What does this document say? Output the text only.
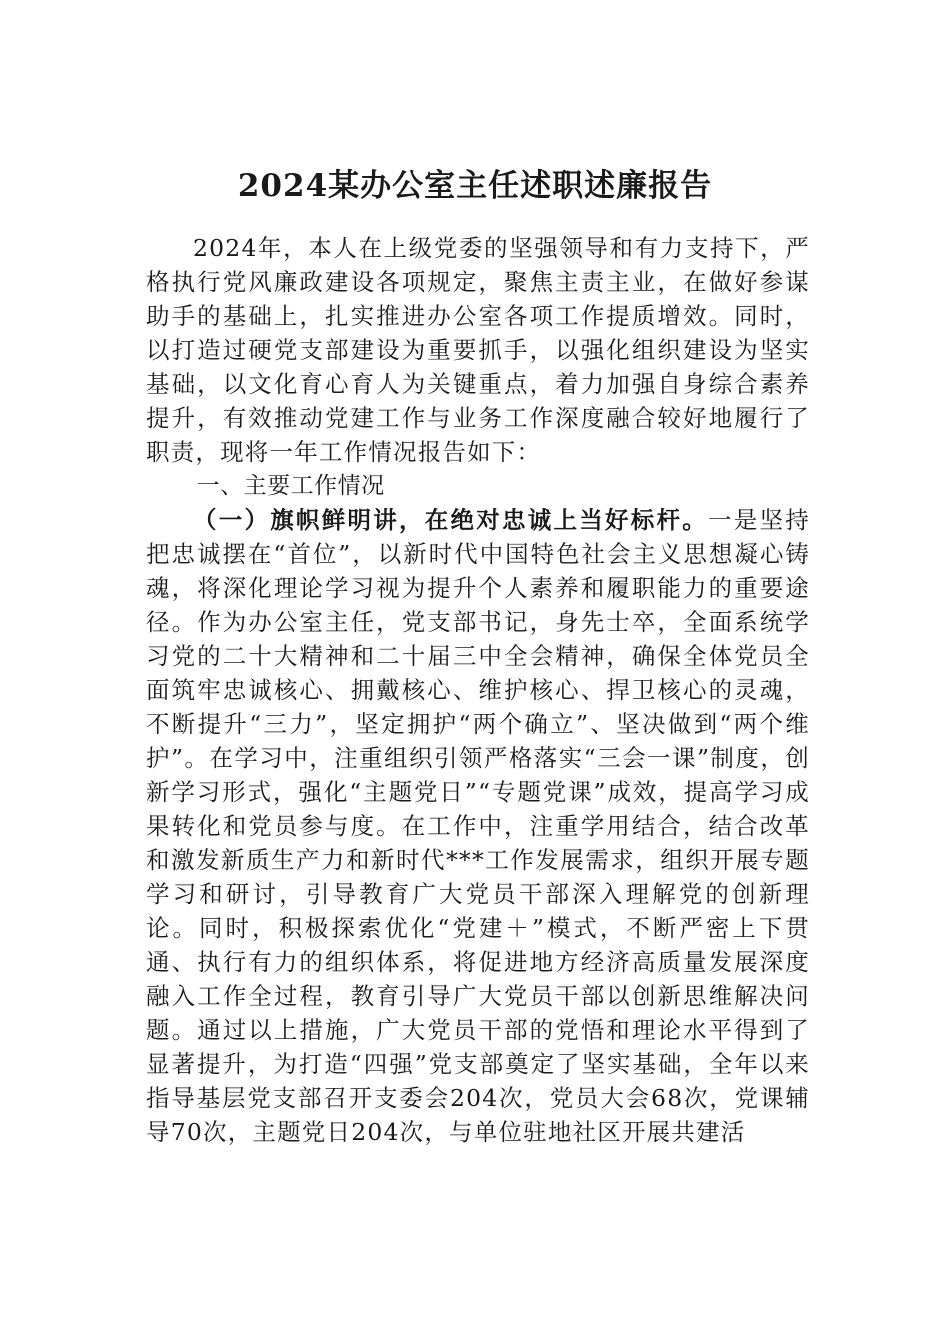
2024某办公室主任述职述廉报告

2024年，本人在上级党委的坚强领导和有力支持下，严格执行党风廉政建设各项规定，聚焦主责主业，在做好参谋助手的基础上，扎实推进办公室各项工作提质增效。同时，以打造过硬党支部建设为重要抓手，以强化组织建设为坚实基础，以文化育心育人为关键重点，着力加强自身综合素养提升，有效推动党建工作与业务工作深度融合较好地履行了职责，现将一年工作情况报告如下：

一、主要工作情况

（一）旗帜鲜明讲，在绝对忠诚上当好标杆。一是坚持把忠诚摆在“首位”，以新时代中国特色社会主义思想凝心铸魂，将深化理论学习视为提升个人素养和履职能力的重要途径。作为办公室主任，党支部书记，身先士卒，全面系统学习党的二十大精神和二十届三中全会精神，确保全体党员全面筑牢忠诚核心、拥戴核心、维护核心、捍卫核心的灵魂，不断提升“三力”，坚定拥护“两个确立”、坚决做到“两个维护”。在学习中，注重组织引领严格落实“三会一课”制度，创新学习形式，强化“主题党日”“专题党课”成效，提高学习成果转化和党员参与度。在工作中，注重学用结合，结合改革和激发新质生产力和新时代***工作发展需求，组织开展专题学习和研讨，引导教育广大党员干部深入理解党的创新理论。同时，积极探索优化“党建＋”模式，不断严密上下贯通、执行有力的组织体系，将促进地方经济高质量发展深度融入工作全过程，教育引导广大党员干部以创新思维解决问题。通过以上措施，广大党员干部的党悟和理论水平得到了显著提升，为打造“四强”党支部奠定了坚实基础，全年以来指导基层党支部召开支委会204次，党员大会68次，党课辅导70次，主题党日204次，与单位驻地社区开展共建活
